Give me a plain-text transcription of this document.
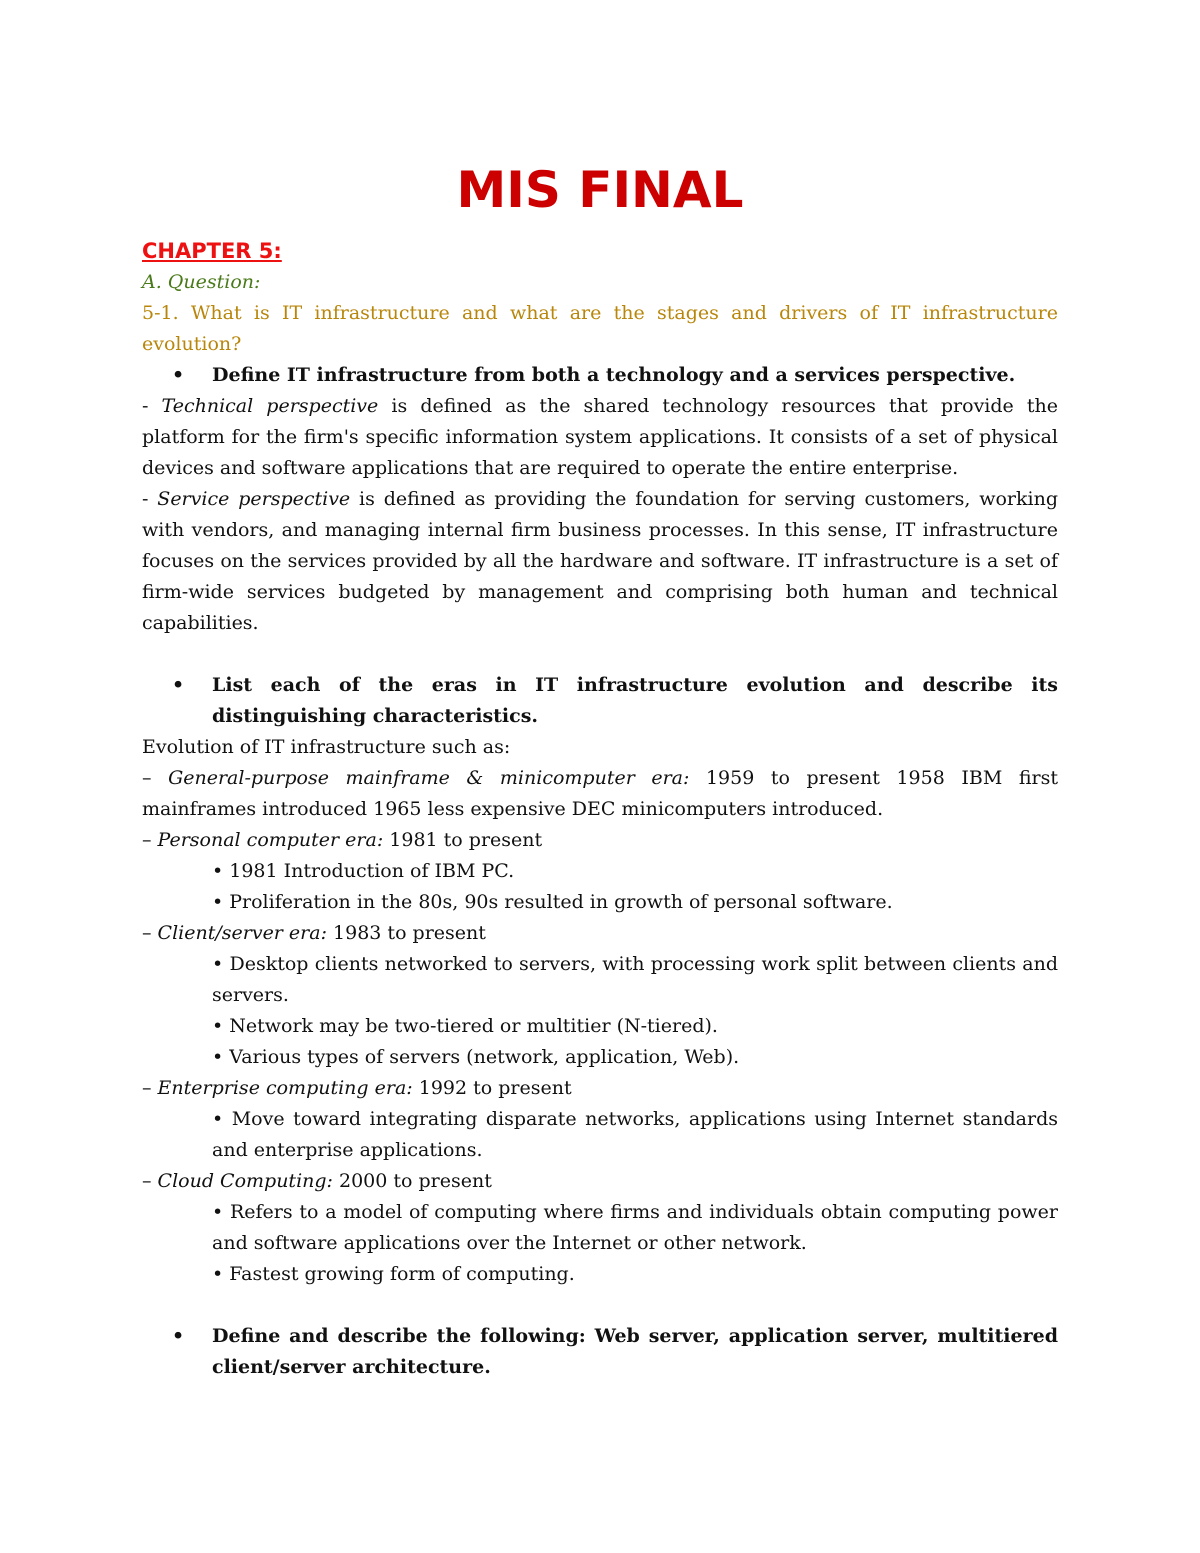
MIS FINAL
CHAPTER 5:
A. Question:
5-1. What is IT infrastructure and what are the stages and drivers of IT infrastructure evolution?
• Define IT infrastructure from both a technology and a services perspective.
- Technical perspective is defined as the shared technology resources that provide the platform for the firm's specific information system applications. It consists of a set of physical devices and software applications that are required to operate the entire enterprise.
- Service perspective is defined as providing the foundation for serving customers, working with vendors, and managing internal firm business processes. In this sense, IT infrastructure focuses on the services provided by all the hardware and software. IT infrastructure is a set of firm-wide services budgeted by management and comprising both human and technical capabilities.
• List each of the eras in IT infrastructure evolution and describe its distinguishing characteristics.
Evolution of IT infrastructure such as:
– General-purpose mainframe & minicomputer era: 1959 to present 1958 IBM first mainframes introduced 1965 less expensive DEC minicomputers introduced.
– Personal computer era: 1981 to present
• 1981 Introduction of IBM PC.
• Proliferation in the 80s, 90s resulted in growth of personal software.
– Client/server era: 1983 to present
• Desktop clients networked to servers, with processing work split between clients and servers.
• Network may be two-tiered or multitier (N-tiered).
• Various types of servers (network, application, Web).
– Enterprise computing era: 1992 to present
• Move toward integrating disparate networks, applications using Internet standards and enterprise applications.
– Cloud Computing: 2000 to present
• Refers to a model of computing where firms and individuals obtain computing power and software applications over the Internet or other network.
• Fastest growing form of computing.
• Define and describe the following: Web server, application server, multitiered client/server architecture.
